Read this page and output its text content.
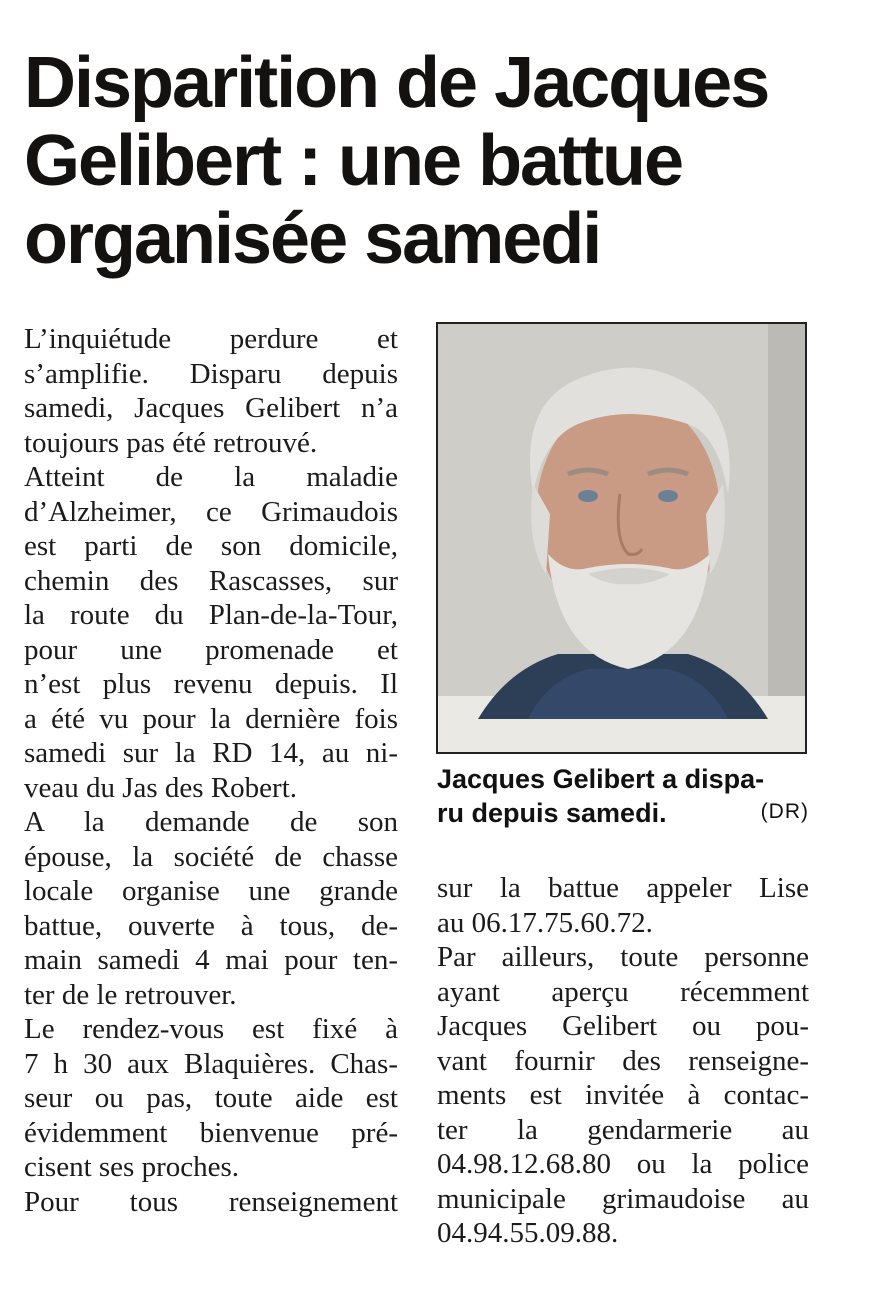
Disparition de Jacques
Gelibert : une battue
organisée samedi
L’inquiétude perdure et
s’amplifie. Disparu depuis
samedi, Jacques Gelibert n’a
toujours pas été retrouvé.
Atteint de la maladie
d’Alzheimer, ce Grimaudois
est parti de son domicile,
chemin des Rascasses, sur
la route du Plan-de-la-Tour,
pour une promenade et
n’est plus revenu depuis. Il
a été vu pour la dernière fois
samedi sur la RD 14, au ni-
veau du Jas des Robert.
A la demande de son
épouse, la société de chasse
locale organise une grande
battue, ouverte à tous, de-
main samedi 4 mai pour ten-
ter de le retrouver.
Le rendez-vous est fixé à
7 h 30 aux Blaquières. Chas-
seur ou pas, toute aide est
évidemment bienvenue pré-
cisent ses proches.
Pour tous renseignement
Jacques Gelibert a dispa-
ru depuis samedi.	(DR)
sur la battue appeler Lise
au 06.17.75.60.72.
Par ailleurs, toute personne
ayant aperçu récemment
Jacques Gelibert ou pou-
vant fournir des renseigne-
ments est invitée à contac-
ter la gendarmerie au
04.98.12.68.80 ou la police
municipale grimaudoise au
04.94.55.09.88.
